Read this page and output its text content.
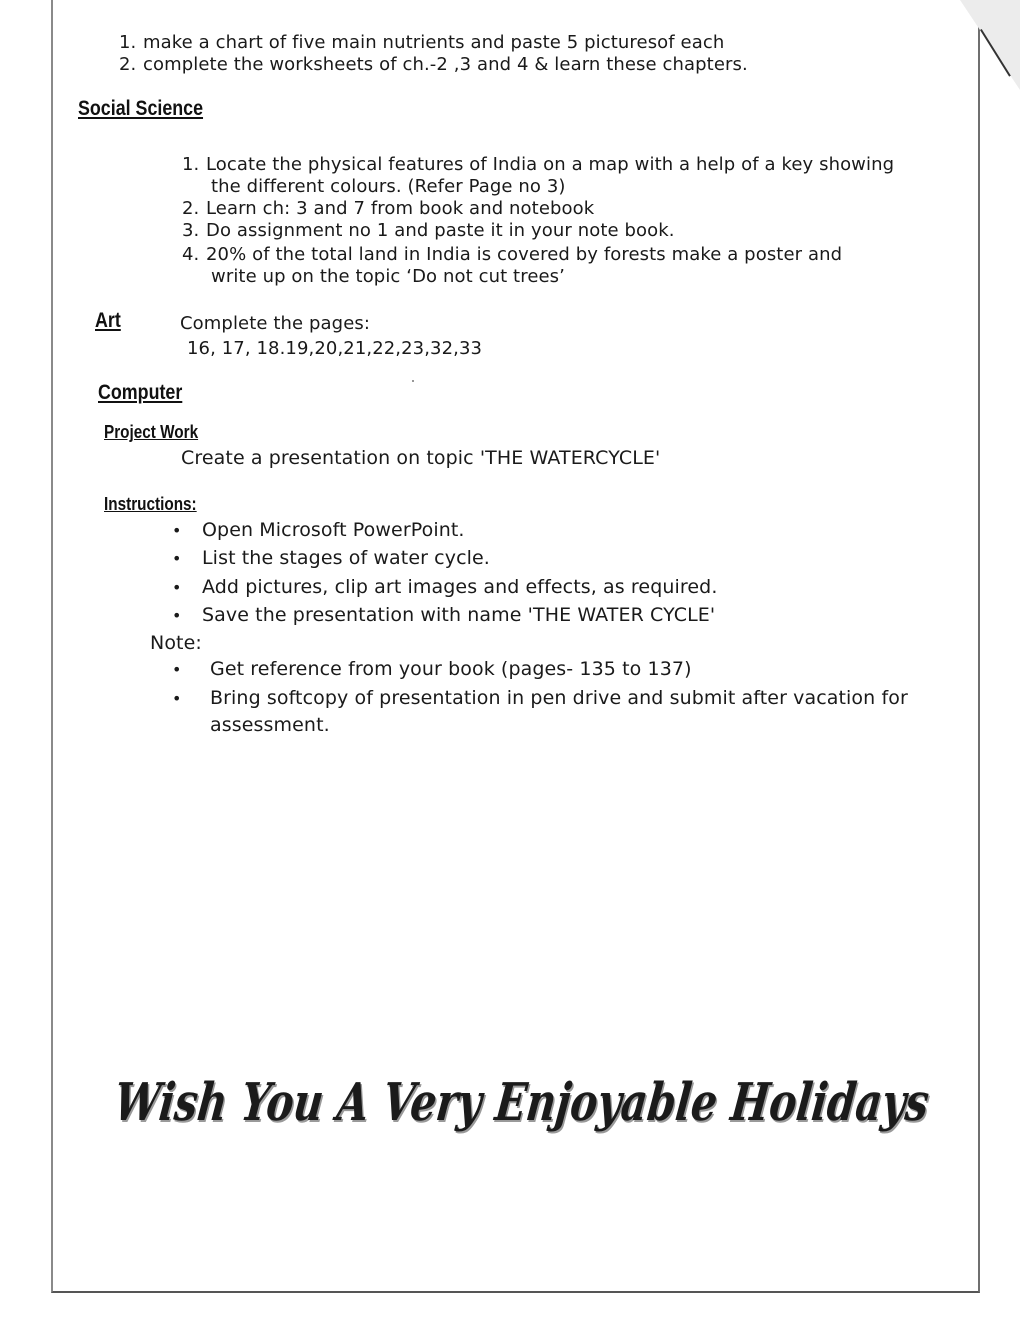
1. make a chart of five main nutrients and paste 5 picturesof each
2. complete the worksheets of ch.-2 ,3 and 4 & learn these chapters.
Social Science
1. Locate the physical features of India on a map with a help of a key showing
the different colours. (Refer Page no 3)
2. Learn ch: 3 and 7 from book and notebook
3. Do assignment no 1 and paste it in your note book.
4. 20% of the total land in India is covered by forests make a poster and
write up on the topic ‘Do not cut trees’
Art	Complete the pages:
16, 17, 18.19,20,21,22,23,32,33
Computer
Project Work
Create a presentation on topic 'THE WATERCYCLE'
Instructions:
• Open Microsoft PowerPoint.
• List the stages of water cycle.
• Add pictures, clip art images and effects, as required.
• Save the presentation with name 'THE WATER CYCLE'
Note:
• Get reference from your book (pages- 135 to 137)
• Bring softcopy of presentation in pen drive and submit after vacation for
assessment.
Wish You A Very Enjoyable Holidays
